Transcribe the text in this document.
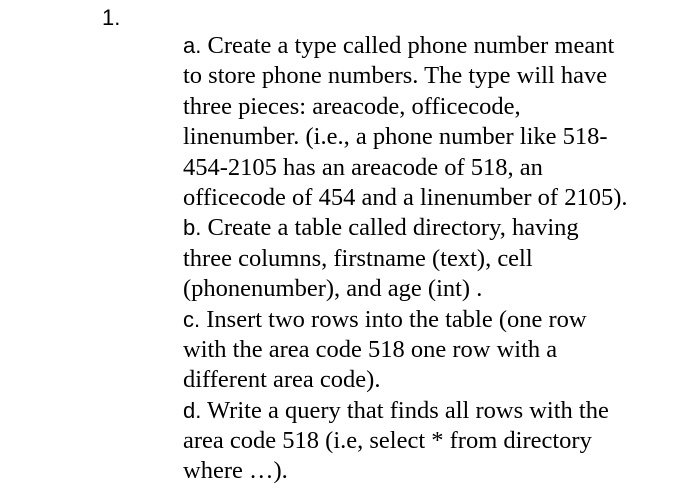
1.
a. Create a type called phone number meant
to store phone numbers. The type will have
three pieces: areacode, officecode,
linenumber. (i.e., a phone number like 518-
454-2105 has an areacode of 518, an
officecode of 454 and a linenumber of 2105).
b. Create a table called directory, having
three columns, firstname (text), cell
(phonenumber), and age (int) .
c. Insert two rows into the table (one row
with the area code 518 one row with a
different area code).
d. Write a query that finds all rows with the
area code 518 (i.e, select * from directory
where …).
